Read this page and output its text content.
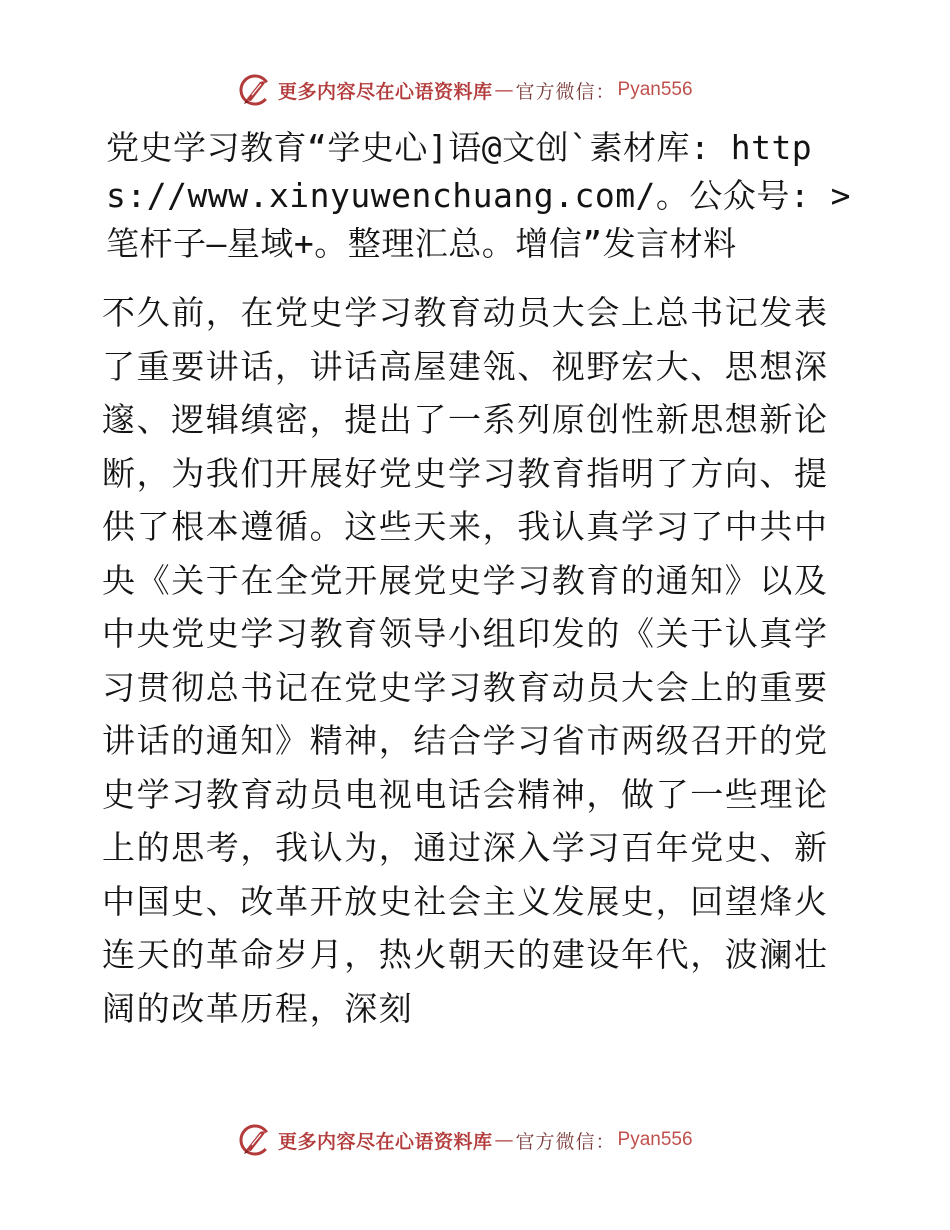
更多内容尽在心语资料库 — 官方微信： Pyan556

党史学习教育“学史心]语@文创`素材库: https://www.xinyuwenchuang.com/。公众号: >笔杆子—星域+。整理汇总。增信”发言材料

不久前，在党史学习教育动员大会上总书记发表了重要讲话，讲话高屋建瓴、视野宏大、思想深邃、逻辑缜密，提出了一系列原创性新思想新论断，为我们开展好党史学习教育指明了方向、提供了根本遵循。这些天来，我认真学习了中共中央《关于在全党开展党史学习教育的通知》以及中央党史学习教育领导小组印发的《关于认真学习贯彻总书记在党史学习教育动员大会上的重要讲话的通知》精神，结合学习省市两级召开的党史学习教育动员电视电话会精神，做了一些理论上的思考，我认为，通过深入学习百年党史、新中国史、改革开放史社会主义发展史，回望烽火连天的革命岁月，热火朝天的建设年代，波澜壮阔的改革历程，深刻

更多内容尽在心语资料库 — 官方微信： Pyan556
